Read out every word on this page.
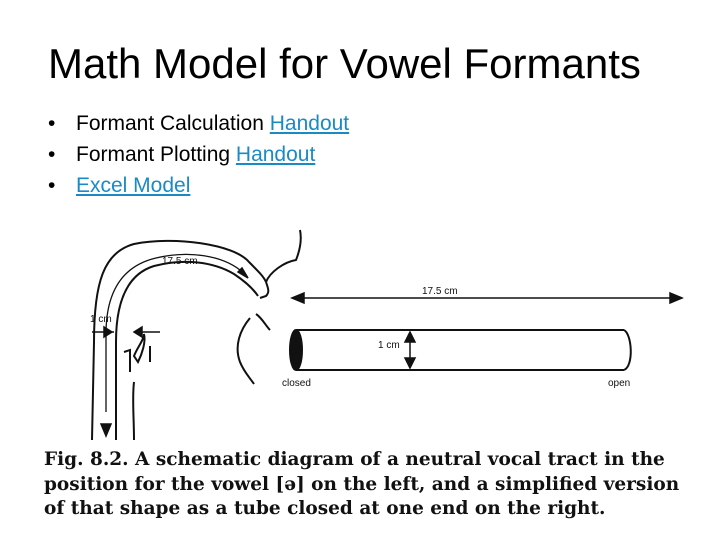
Math Model for Vowel Formants
• Formant Calculation Handout
• Formant Plotting Handout
• Excel Model
17.5 cm
17.5 cm
1 cm
1 cm
closed	open
Fig. 8.2. A schematic diagram of a neutral vocal tract in the position for the vowel [ə] on the left, and a simplified version of that shape as a tube closed at one end on the right.
